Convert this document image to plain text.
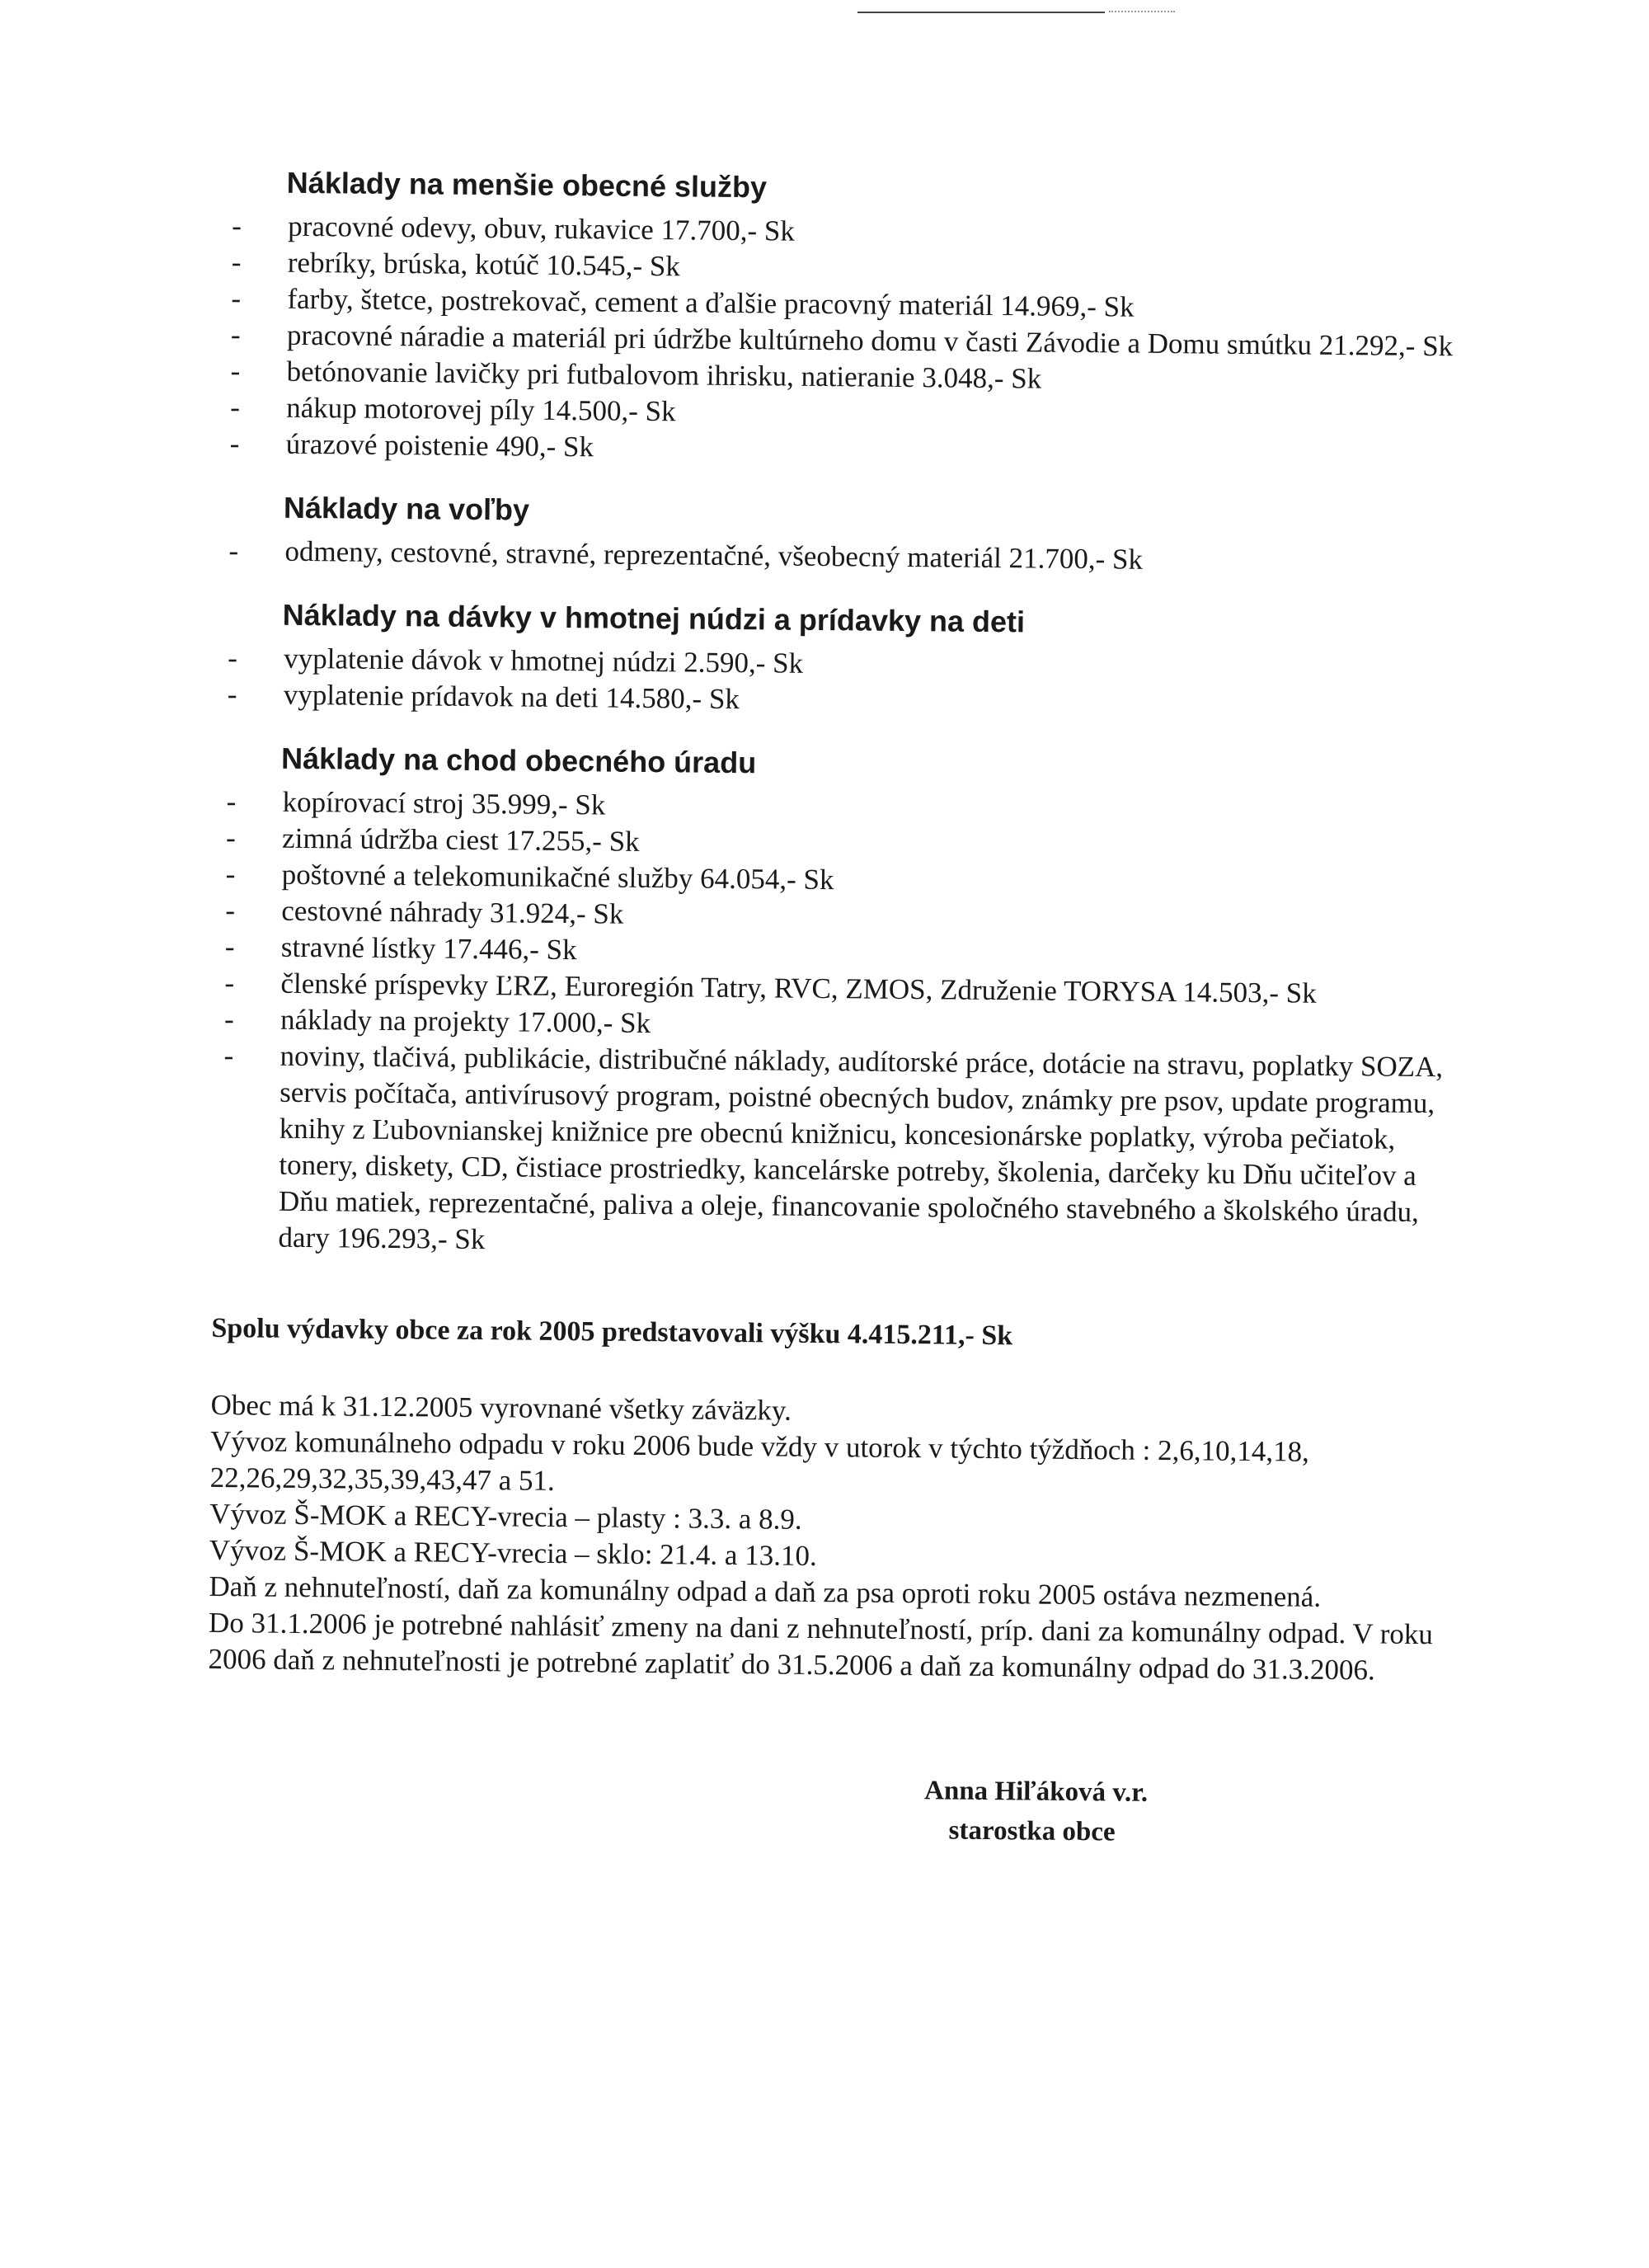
Náklady na menšie obecné služby
- pracovné odevy, obuv, rukavice 17.700,- Sk
- rebríky, brúska, kotúč 10.545,- Sk
- farby, štetce, postrekovač, cement a ďalšie pracovný materiál 14.969,- Sk
- pracovné náradie a materiál pri údržbe kultúrneho domu v časti Závodie a Domu smútku 21.292,- Sk
- betónovanie lavičky pri futbalovom ihrisku, natieranie 3.048,- Sk
- nákup motorovej píly 14.500,- Sk
- úrazové poistenie 490,- Sk
Náklady na voľby
- odmeny, cestovné, stravné, reprezentačné, všeobecný materiál 21.700,- Sk
Náklady na dávky v hmotnej núdzi a prídavky na deti
- vyplatenie dávok v hmotnej núdzi 2.590,- Sk
- vyplatenie prídavok na deti 14.580,- Sk
Náklady na chod obecného úradu
- kopírovací stroj 35.999,- Sk
- zimná údržba ciest 17.255,- Sk
- poštovné a telekomunikačné služby 64.054,- Sk
- cestovné náhrady 31.924,- Sk
- stravné lístky 17.446,- Sk
- členské príspevky ĽRZ, Euroregión Tatry, RVC, ZMOS, Združenie TORYSA 14.503,- Sk
- náklady na projekty 17.000,- Sk
- noviny, tlačivá, publikácie, distribučné náklady, audítorské práce, dotácie na stravu, poplatky SOZA, servis počítača, antivírusový program, poistné obecných budov, známky pre psov, update programu, knihy z Ľubovnianskej knižnice pre obecnú knižnicu, koncesionárske poplatky, výroba pečiatok, tonery, diskety, CD, čistiace prostriedky, kancelárske potreby, školenia, darčeky ku Dňu učiteľov a Dňu matiek, reprezentačné, paliva a oleje, financovanie spoločného stavebného a školského úradu, dary 196.293,- Sk
Spolu výdavky obce za rok 2005 predstavovali výšku 4.415.211,- Sk

Obec má k 31.12.2005 vyrovnané všetky záväzky.

Vývoz komunálneho odpadu v roku 2006 bude vždy v utorok v týchto týždňoch : 2,6,10,14,18, 22,26,29,32,35,39,43,47 a 51.

Vývoz Š-MOK a RECY-vrecia – plasty : 3.3. a 8.9.

Vývoz Š-MOK a RECY-vrecia – sklo: 21.4. a 13.10.

Daň z nehnuteľností, daň za komunálny odpad a daň za psa oproti roku 2005 ostáva nezmenená.

Do 31.1.2006 je potrebné nahlásiť zmeny na dani z nehnuteľností, príp. dani za komunálny odpad. V roku 2006 daň z nehnuteľnosti je potrebné zaplatiť do 31.5.2006 a daň za komunálny odpad do 31.3.2006.

Anna Hiľáková v.r.
starostka obce
